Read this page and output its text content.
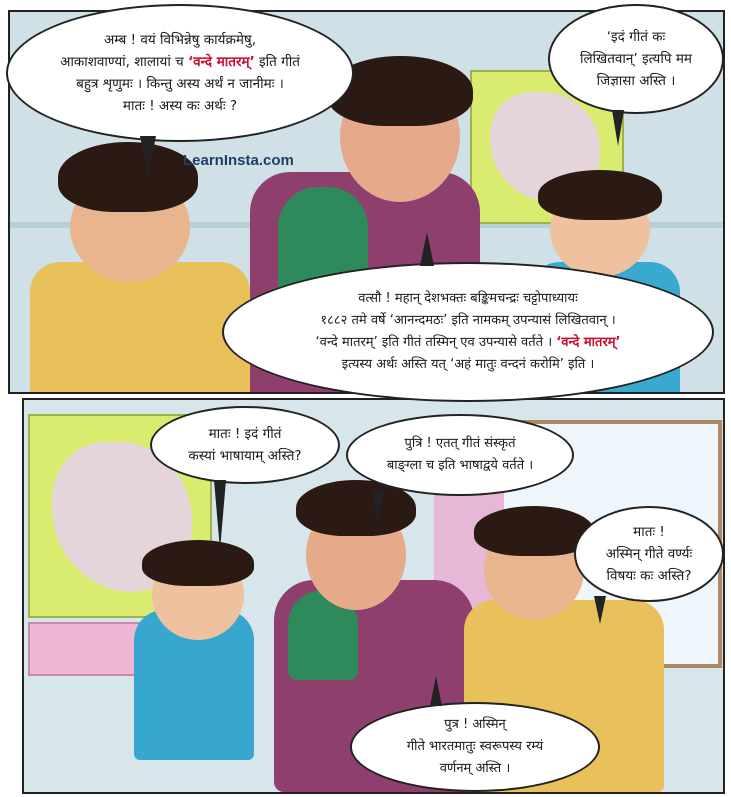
LearnInsta.com
अम्ब ! वयं विभिन्नेषु कार्यक्रमेषु,
आकाशवाण्यां, शालायां च ‘वन्दे मातरम्’ इति गीतं
बहुत्र शृणुमः । किन्तु अस्य अर्थं न जानीमः ।
मातः ! अस्य कः अर्थः ?
‘इदं गीतं कः
लिखितवान्’ इत्यपि मम
जिज्ञासा अस्ति ।
वत्सौ ! महान् देशभक्तः बङ्किमचन्द्रः चट्टोपाध्यायः
१८८२ तमे वर्षे ‘आनन्दमठः’ इति नामकम् उपन्यासं लिखितवान् ।
‘वन्दे मातरम्’ इति गीतं तस्मिन् एव उपन्यासे वर्तते । ‘वन्दे मातरम्’
इत्यस्य अर्थः अस्ति यत् ‘अहं मातुः वन्दनं करोमि’ इति ।
मातः ! इदं गीतं
कस्यां भाषायाम् अस्ति?
पुत्रि ! एतत् गीतं संस्कृतं
बाङ्ग्ला च इति भाषाद्वये वर्तते ।
मातः !
अस्मिन् गीते वर्ण्यः
विषयः कः अस्ति?
पुत्र ! अस्मिन्
गीते भारतमातुः स्वरूपस्य रम्यं
वर्णनम् अस्ति ।
